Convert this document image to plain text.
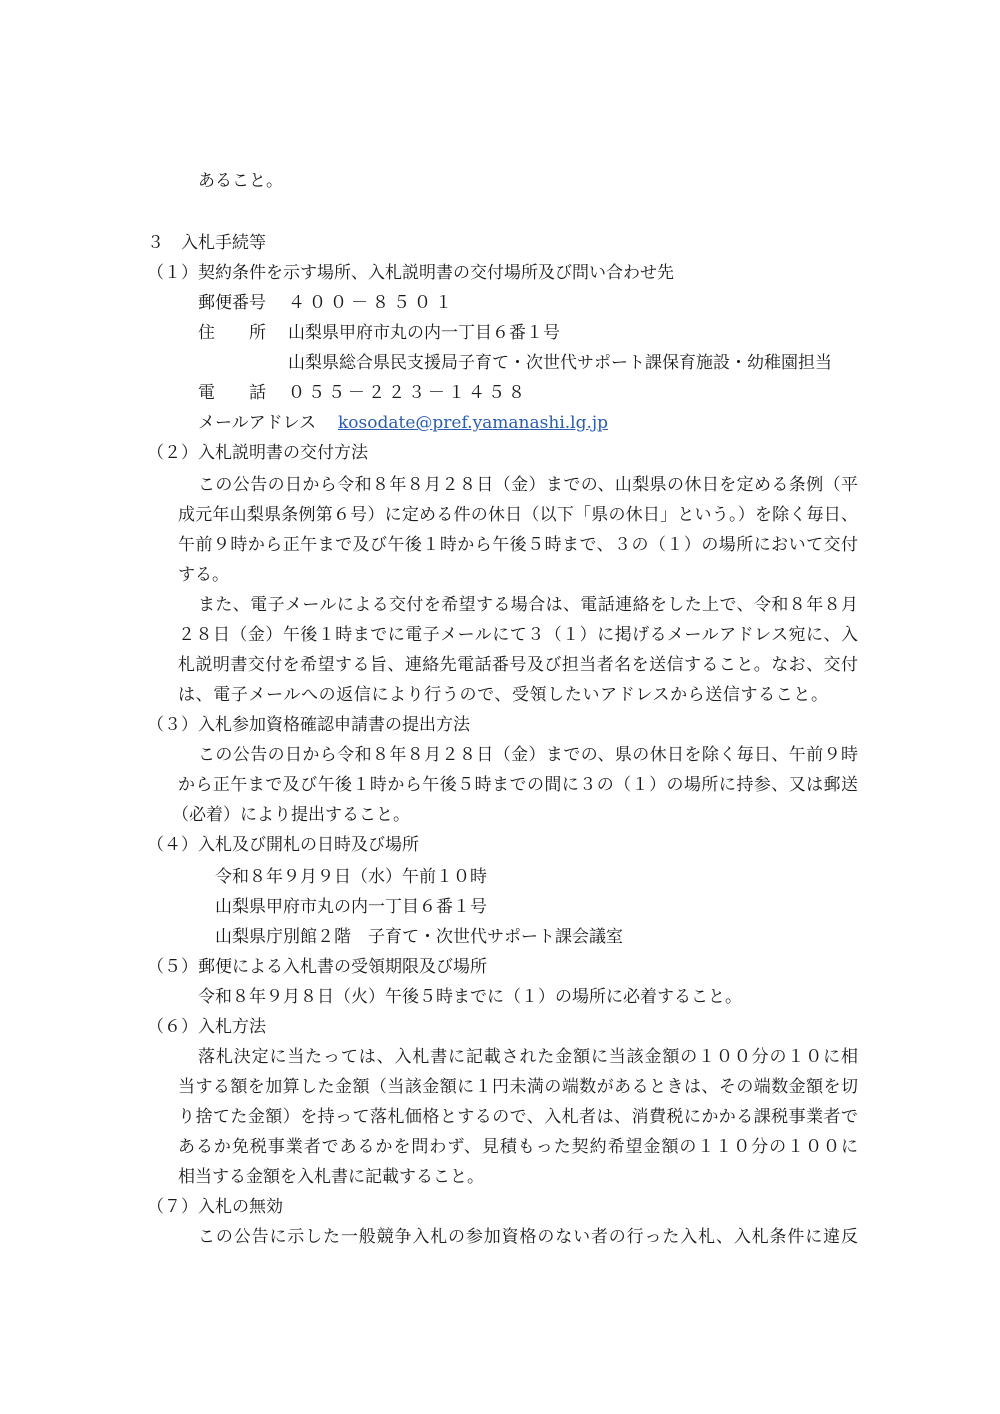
あること。
３　入札手続等
（１）契約条件を示す場所、入札説明書の交付場所及び問い合わせ先
郵便番号 ４００－８５０１
住　　所 山梨県甲府市丸の内一丁目６番１号
山梨県総合県民支援局子育て・次世代サポート課保育施設・幼稚園担当
電　　話 ０５５－２２３－１４５８
メールアドレス kosodate@pref.yamanashi.lg.jp
（２）入札説明書の交付方法
この公告の日から令和８年８月２８日（金）までの、山梨県の休日を定める条例（平
成元年山梨県条例第６号）に定める件の休日（以下「県の休日」という。）を除く毎日、
午前９時から正午まで及び午後１時から午後５時まで、３の（１）の場所において交付
する。
また、電子メールによる交付を希望する場合は、電話連絡をした上で、令和８年８月
２８日（金）午後１時までに電子メールにて３（１）に掲げるメールアドレス宛に、入
札説明書交付を希望する旨、連絡先電話番号及び担当者名を送信すること。なお、交付
は、電子メールへの返信により行うので、受領したいアドレスから送信すること。
（３）入札参加資格確認申請書の提出方法
この公告の日から令和８年８月２８日（金）までの、県の休日を除く毎日、午前９時
から正午まで及び午後１時から午後５時までの間に３の（１）の場所に持参、又は郵送
（必着）により提出すること。
（４）入札及び開札の日時及び場所
令和８年９月９日（水）午前１０時
山梨県甲府市丸の内一丁目６番１号
山梨県庁別館２階　子育て・次世代サポート課会議室
（５）郵便による入札書の受領期限及び場所
令和８年９月８日（火）午後５時までに（１）の場所に必着すること。
（６）入札方法
落札決定に当たっては、入札書に記載された金額に当該金額の１００分の１０に相
当する額を加算した金額（当該金額に１円未満の端数があるときは、その端数金額を切
り捨てた金額）を持って落札価格とするので、入札者は、消費税にかかる課税事業者で
あるか免税事業者であるかを問わず、見積もった契約希望金額の１１０分の１００に
相当する金額を入札書に記載すること。
（７）入札の無効
この公告に示した一般競争入札の参加資格のない者の行った入札、入札条件に違反
